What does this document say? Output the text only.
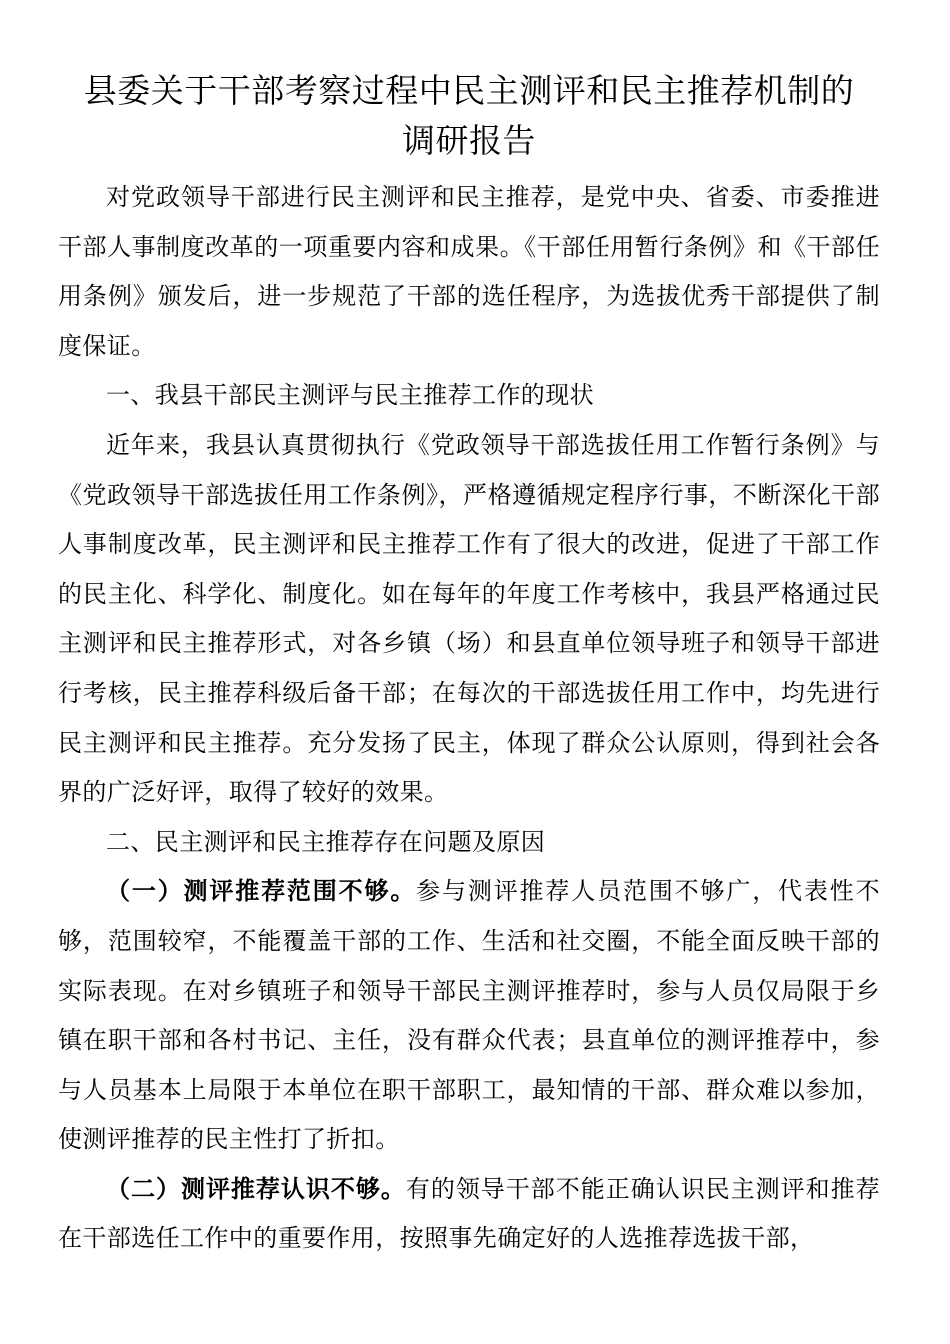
县委关于干部考察过程中民主测评和民主推荐机制的
调研报告

对党政领导干部进行民主测评和民主推荐，是党中央、省委、市委推进干部人事制度改革的一项重要内容和成果。《干部任用暂行条例》和《干部任用条例》颁发后，进一步规范了干部的选任程序，为选拔优秀干部提供了制度保证。

一、我县干部民主测评与民主推荐工作的现状

近年来，我县认真贯彻执行《党政领导干部选拔任用工作暂行条例》与《党政领导干部选拔任用工作条例》，严格遵循规定程序行事，不断深化干部人事制度改革，民主测评和民主推荐工作有了很大的改进，促进了干部工作的民主化、科学化、制度化。如在每年的年度工作考核中，我县严格通过民主测评和民主推荐形式，对各乡镇（场）和县直单位领导班子和领导干部进行考核，民主推荐科级后备干部；在每次的干部选拔任用工作中，均先进行民主测评和民主推荐。充分发扬了民主，体现了群众公认原则，得到社会各界的广泛好评，取得了较好的效果。

二、民主测评和民主推荐存在问题及原因

（一）测评推荐范围不够。参与测评推荐人员范围不够广，代表性不够，范围较窄，不能覆盖干部的工作、生活和社交圈，不能全面反映干部的实际表现。在对乡镇班子和领导干部民主测评推荐时，参与人员仅局限于乡镇在职干部和各村书记、主任，没有群众代表；县直单位的测评推荐中，参与人员基本上局限于本单位在职干部职工，最知情的干部、群众难以参加，使测评推荐的民主性打了折扣。

（二）测评推荐认识不够。有的领导干部不能正确认识民主测评和推荐在干部选任工作中的重要作用，按照事先确定好的人选推荐选拔干部，
